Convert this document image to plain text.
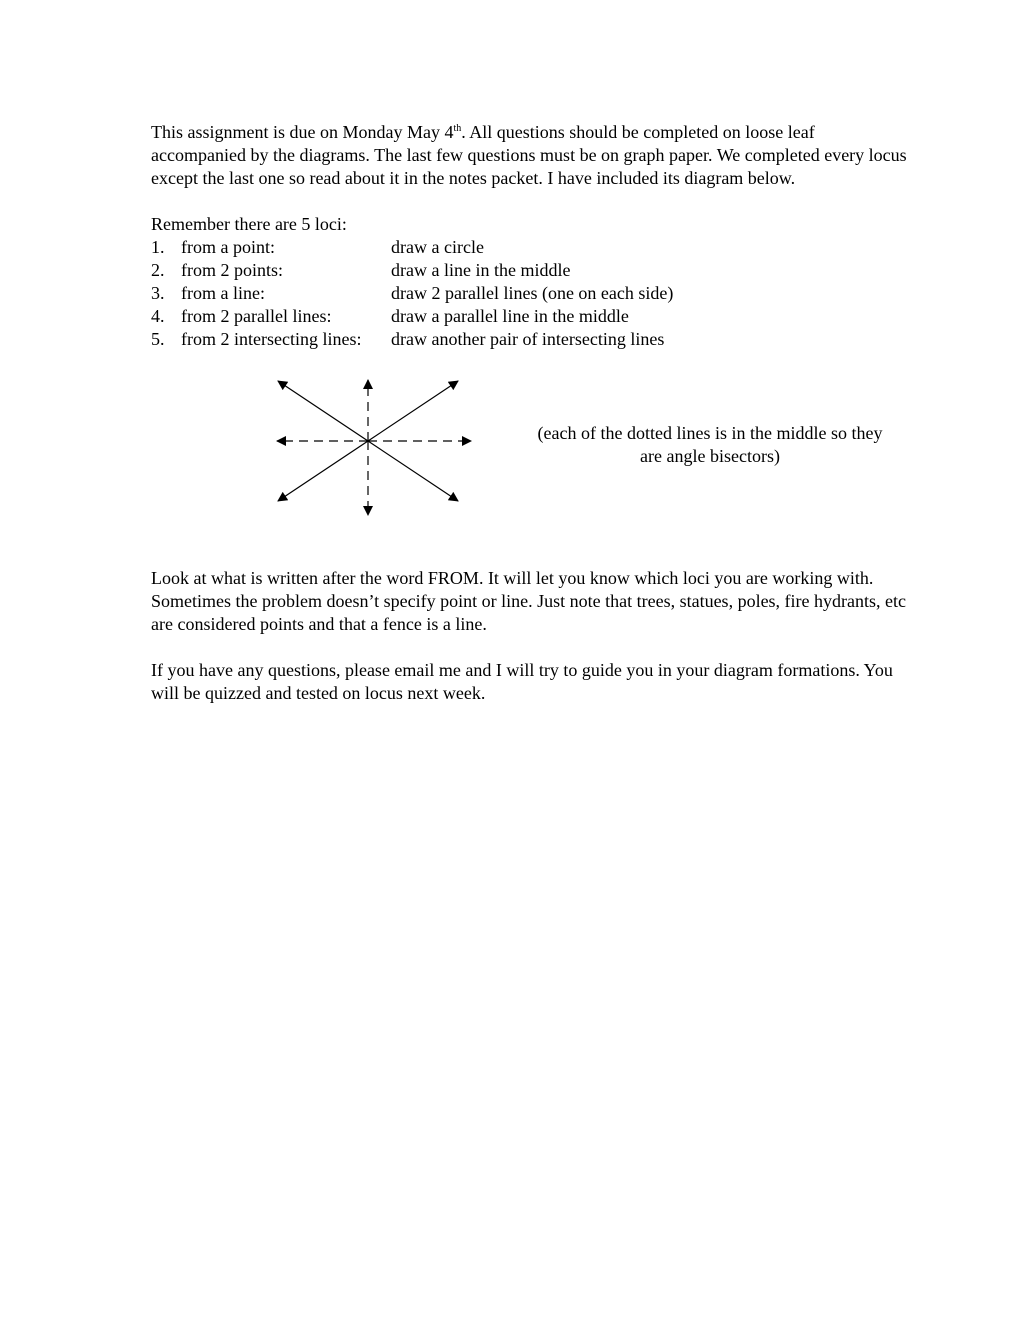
This assignment is due on Monday May 4th. All questions should be completed on loose leaf accompanied by the diagrams. The last few questions must be on graph paper. We completed every locus except the last one so read about it in the notes packet. I have included its diagram below.

Remember there are 5 loci:

1. from a point:	draw a circle
2. from 2 points:	draw a line in the middle
3. from a line:	draw 2 parallel lines (one on each side)
4. from 2 parallel lines:	draw a parallel line in the middle
5. from 2 intersecting lines:	draw another pair of intersecting lines
(each of the dotted lines is in the middle so they
are angle bisectors)

Look at what is written after the word FROM. It will let you know which loci you are working with. Sometimes the problem doesn’t specify point or line. Just note that trees, statues, poles, fire hydrants, etc are considered points and that a fence is a line.

If you have any questions, please email me and I will try to guide you in your diagram formations. You will be quizzed and tested on locus next week.
